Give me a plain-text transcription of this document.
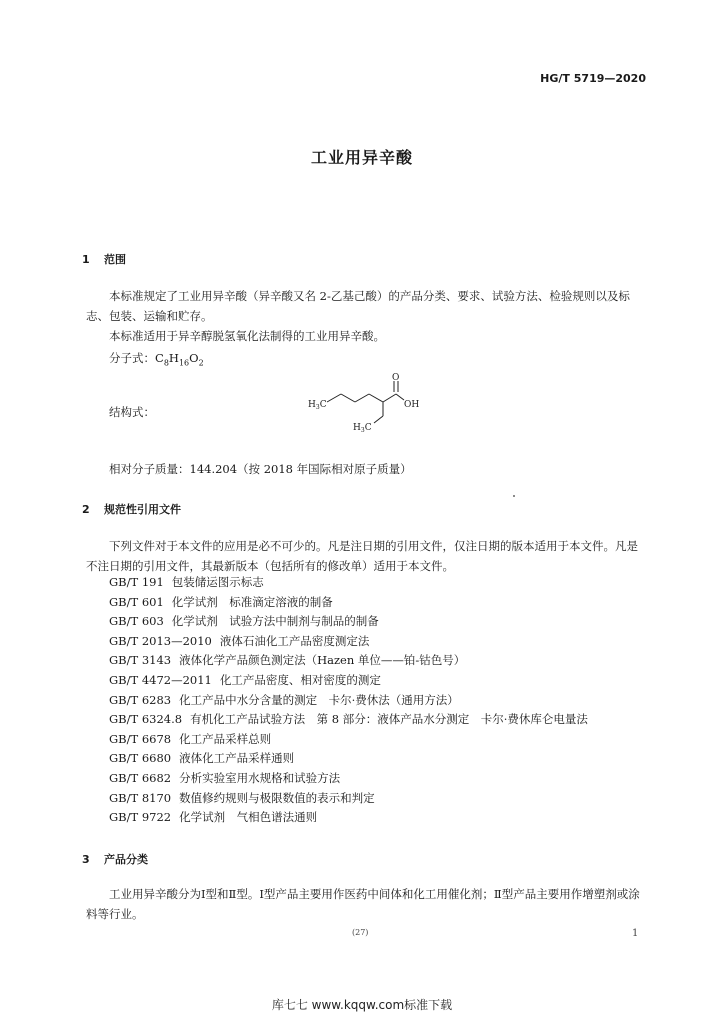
HG/T 5719—2020
工业用异辛酸
1 范围
本标准规定了工业用异辛酸（异辛酸又名 2-乙基己酸）的产品分类、要求、试验方法、检验规则以及标志、包装、运输和贮存。
本标准适用于异辛醇脱氢氧化法制得的工业用异辛酸。
分子式：$C_8H_{16}O_2$
结构式：
O
OH
$H_3C$
$H_3C$
相对分子质量：144.204（按 2018 年国际相对原子质量）
2 规范性引用文件
下列文件对于本文件的应用是必不可少的。凡是注日期的引用文件，仅注日期的版本适用于本文件。凡是不注日期的引用文件，其最新版本（包括所有的修改单）适用于本文件。
GB/T 191 包装储运图示标志
GB/T 601 化学试剂　标准滴定溶液的制备
GB/T 603 化学试剂　试验方法中制剂与制品的制备
GB/T 2013—2010 液体石油化工产品密度测定法
GB/T 3143 液体化学产品颜色测定法（Hazen 单位——铂-钴色号）
GB/T 4472—2011 化工产品密度、相对密度的测定
GB/T 6283 化工产品中水分含量的测定　卡尔·费休法（通用方法）
GB/T 6324.8 有机化工产品试验方法　第 8 部分：液体产品水分测定　卡尔·费休库仑电量法
GB/T 6678 化工产品采样总则
GB/T 6680 液体化工产品采样通则
GB/T 6682 分析实验室用水规格和试验方法
GB/T 8170 数值修约规则与极限数值的表示和判定
GB/T 9722 化学试剂　气相色谱法通则
3 产品分类
工业用异辛酸分为Ⅰ型和Ⅱ型。Ⅰ型产品主要用作医药中间体和化工用催化剂；Ⅱ型产品主要用作增塑剂或涂料等行业。
(27)	1
库七七 www.kqqw.com标准下载
